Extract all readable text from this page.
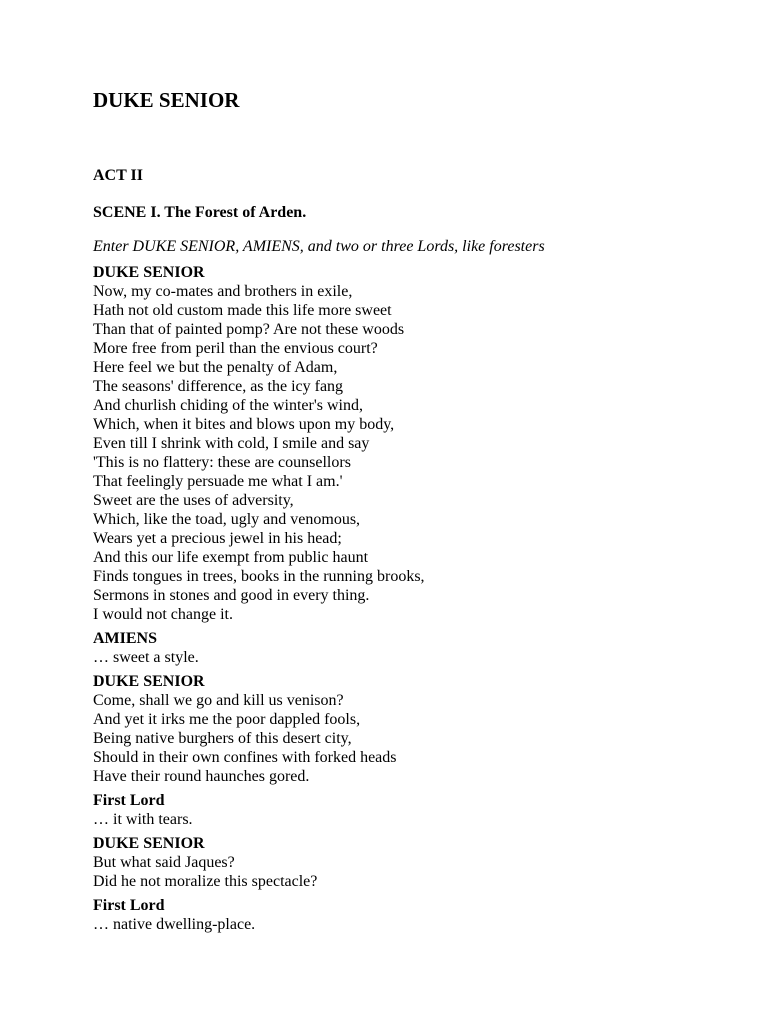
DUKE SENIOR
ACT II
SCENE I. The Forest of Arden.

Enter DUKE SENIOR, AMIENS, and two or three Lords, like foresters

DUKE SENIOR
Now, my co-mates and brothers in exile,
Hath not old custom made this life more sweet
Than that of painted pomp? Are not these woods
More free from peril than the envious court?
Here feel we but the penalty of Adam,
The seasons' difference, as the icy fang
And churlish chiding of the winter's wind,
Which, when it bites and blows upon my body,
Even till I shrink with cold, I smile and say
'This is no flattery: these are counsellors
That feelingly persuade me what I am.'
Sweet are the uses of adversity,
Which, like the toad, ugly and venomous,
Wears yet a precious jewel in his head;
And this our life exempt from public haunt
Finds tongues in trees, books in the running brooks,
Sermons in stones and good in every thing.
I would not change it.
AMIENS
… sweet a style.
DUKE SENIOR
Come, shall we go and kill us venison?
And yet it irks me the poor dappled fools,
Being native burghers of this desert city,
Should in their own confines with forked heads
Have their round haunches gored.
First Lord
… it with tears.
DUKE SENIOR
But what said Jaques?
Did he not moralize this spectacle?
First Lord
… native dwelling-place.
